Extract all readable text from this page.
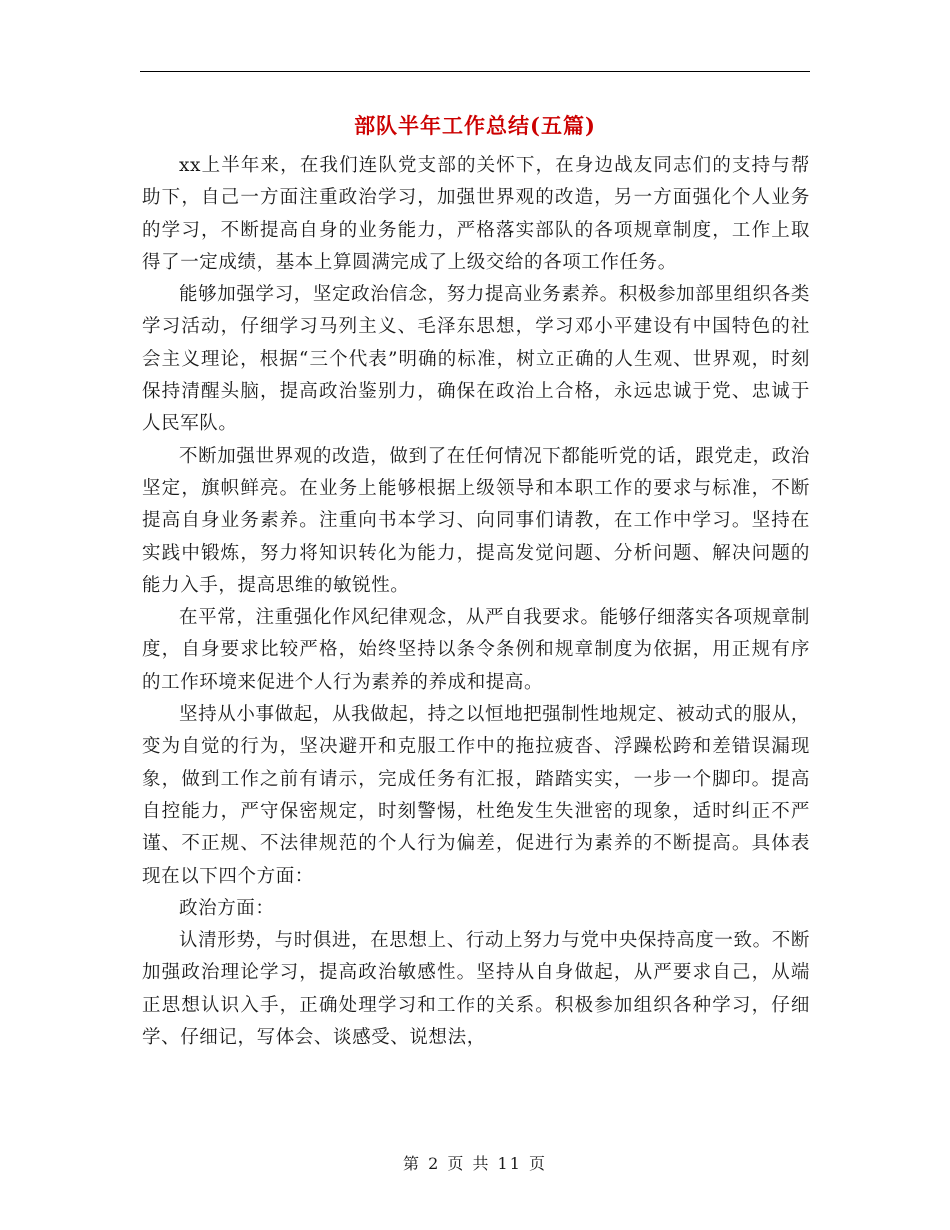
部队半年工作总结(五篇)

xx上半年来，在我们连队党支部的关怀下，在身边战友同志们的支持与帮助下，自己一方面注重政治学习，加强世界观的改造，另一方面强化个人业务的学习，不断提高自身的业务能力，严格落实部队的各项规章制度，工作上取得了一定成绩，基本上算圆满完成了上级交给的各项工作任务。

能够加强学习，坚定政治信念，努力提高业务素养。积极参加部里组织各类学习活动，仔细学习马列主义、毛泽东思想，学习邓小平建设有中国特色的社会主义理论，根据“三个代表”明确的标准，树立正确的人生观、世界观，时刻保持清醒头脑，提高政治鉴别力，确保在政治上合格，永远忠诚于党、忠诚于人民军队。

不断加强世界观的改造，做到了在任何情况下都能听党的话，跟党走，政治坚定，旗帜鲜亮。在业务上能够根据上级领导和本职工作的要求与标准，不断提高自身业务素养。注重向书本学习、向同事们请教，在工作中学习。坚持在实践中锻炼，努力将知识转化为能力，提高发觉问题、分析问题、解决问题的能力入手，提高思维的敏锐性。

在平常，注重强化作风纪律观念，从严自我要求。能够仔细落实各项规章制度，自身要求比较严格，始终坚持以条令条例和规章制度为依据，用正规有序的工作环境来促进个人行为素养的养成和提高。

坚持从小事做起，从我做起，持之以恒地把强制性地规定、被动式的服从，变为自觉的行为，坚决避开和克服工作中的拖拉疲沓、浮躁松跨和差错误漏现象，做到工作之前有请示，完成任务有汇报，踏踏实实，一步一个脚印。提高自控能力，严守保密规定，时刻警惕，杜绝发生失泄密的现象，适时纠正不严谨、不正规、不法律规范的个人行为偏差，促进行为素养的不断提高。具体表现在以下四个方面：

政治方面：

认清形势，与时俱进，在思想上、行动上努力与党中央保持高度一致。不断加强政治理论学习，提高政治敏感性。坚持从自身做起，从严要求自己，从端正思想认识入手，正确处理学习和工作的关系。积极参加组织各种学习，仔细学、仔细记，写体会、谈感受、说想法，

第 2 页 共 11 页
